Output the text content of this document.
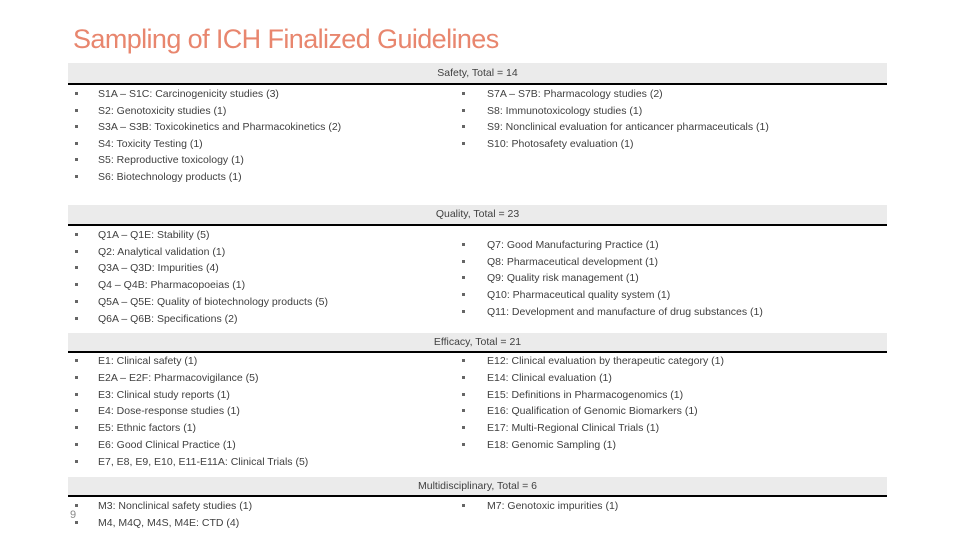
Sampling of ICH Finalized Guidelines
Safety, Total = 14
S1A – S1C: Carcinogenicity studies (3)
S2: Genotoxicity studies (1)
S3A – S3B: Toxicokinetics and Pharmacokinetics (2)
S4: Toxicity Testing (1)
S5: Reproductive toxicology (1)
S6: Biotechnology products (1)
S7A – S7B: Pharmacology studies (2)
S8: Immunotoxicology studies (1)
S9: Nonclinical evaluation for anticancer pharmaceuticals (1)
S10: Photosafety evaluation (1)
Quality, Total = 23
Q1A – Q1E: Stability (5)
Q2: Analytical validation (1)
Q3A – Q3D: Impurities (4)
Q4 – Q4B: Pharmacopoeias (1)
Q5A – Q5E: Quality of biotechnology products (5)
Q6A – Q6B: Specifications (2)
Q7: Good Manufacturing Practice (1)
Q8: Pharmaceutical development (1)
Q9: Quality risk management (1)
Q10: Pharmaceutical quality system (1)
Q11: Development and manufacture of drug substances (1)
Efficacy, Total = 21
E1: Clinical safety (1)
E2A – E2F: Pharmacovigilance (5)
E3: Clinical study reports (1)
E4: Dose-response studies (1)
E5: Ethnic factors (1)
E6: Good Clinical Practice (1)
E7, E8, E9, E10, E11-E11A: Clinical Trials (5)
E12: Clinical evaluation by therapeutic category (1)
E14: Clinical evaluation (1)
E15: Definitions in Pharmacogenomics (1)
E16: Qualification of Genomic Biomarkers (1)
E17: Multi-Regional Clinical Trials (1)
E18: Genomic Sampling (1)
Multidisciplinary, Total = 6
M3: Nonclinical safety studies (1)
M4, M4Q, M4S, M4E: CTD (4)
M7: Genotoxic impurities (1)
9
